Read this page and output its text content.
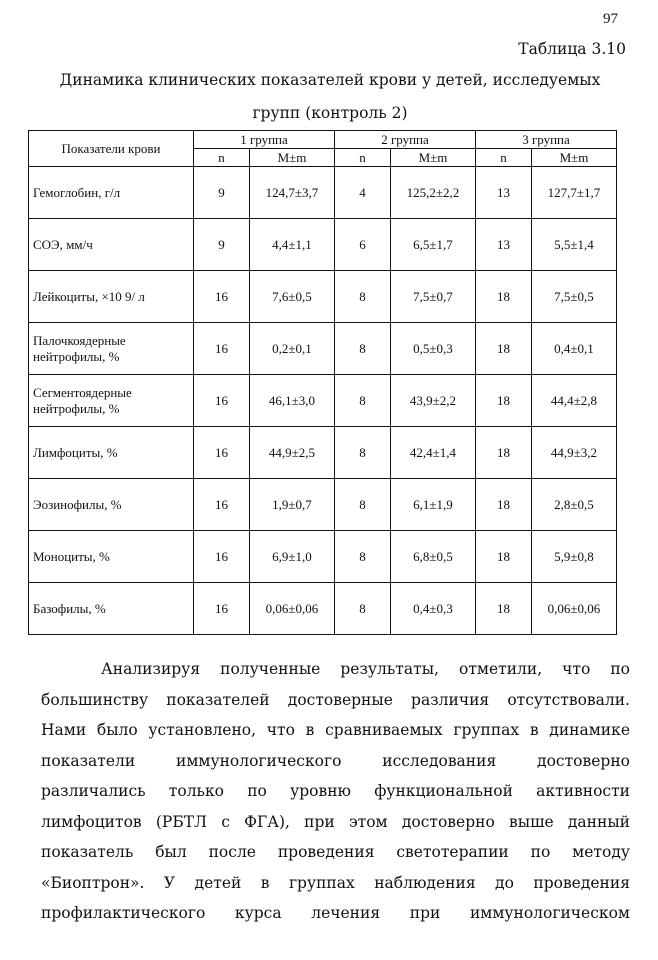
97
Таблица 3.10
Динамика клинических показателей крови у детей, исследуемых
групп (контроль 2)
Показатели крови	1 группа		2 группа		3 группа	
	n	M±m	n	M±m	n	M±m
Гемоглобин, г/л	9	124,7±3,7	4	125,2±2,2	13	127,7±1,7
СОЭ, мм/ч	9	4,4±1,1	6	6,5±1,7	13	5,5±1,4
Лейкоциты, ×10 9/ л	16	7,6±0,5	8	7,5±0,7	18	7,5±0,5
Палочкоядерные нейтрофилы, %	16	0,2±0,1	8	0,5±0,3	18	0,4±0,1
Сегментоядерные нейтрофилы, %	16	46,1±3,0	8	43,9±2,2	18	44,4±2,8
Лимфоциты, %	16	44,9±2,5	8	42,4±1,4	18	44,9±3,2
Эозинофилы, %	16	1,9±0,7	8	6,1±1,9	18	2,8±0,5
Моноциты, %	16	6,9±1,0	8	6,8±0,5	18	5,9±0,8
Базофилы, %	16	0,06±0,06	8	0,4±0,3	18	0,06±0,06
Анализируя полученные результаты, отметили, что по
большинству показателей достоверные различия отсутствовали.
Нами было установлено, что в сравниваемых группах в динамике
показатели иммунологического исследования достоверно
различались только по уровню функциональной активности
лимфоцитов (РБТЛ с ФГА), при этом достоверно выше данный
показатель был после проведения светотерапии по методу
«Биоптрон». У детей в группах наблюдения до проведения
профилактического курса лечения при иммунологическом
